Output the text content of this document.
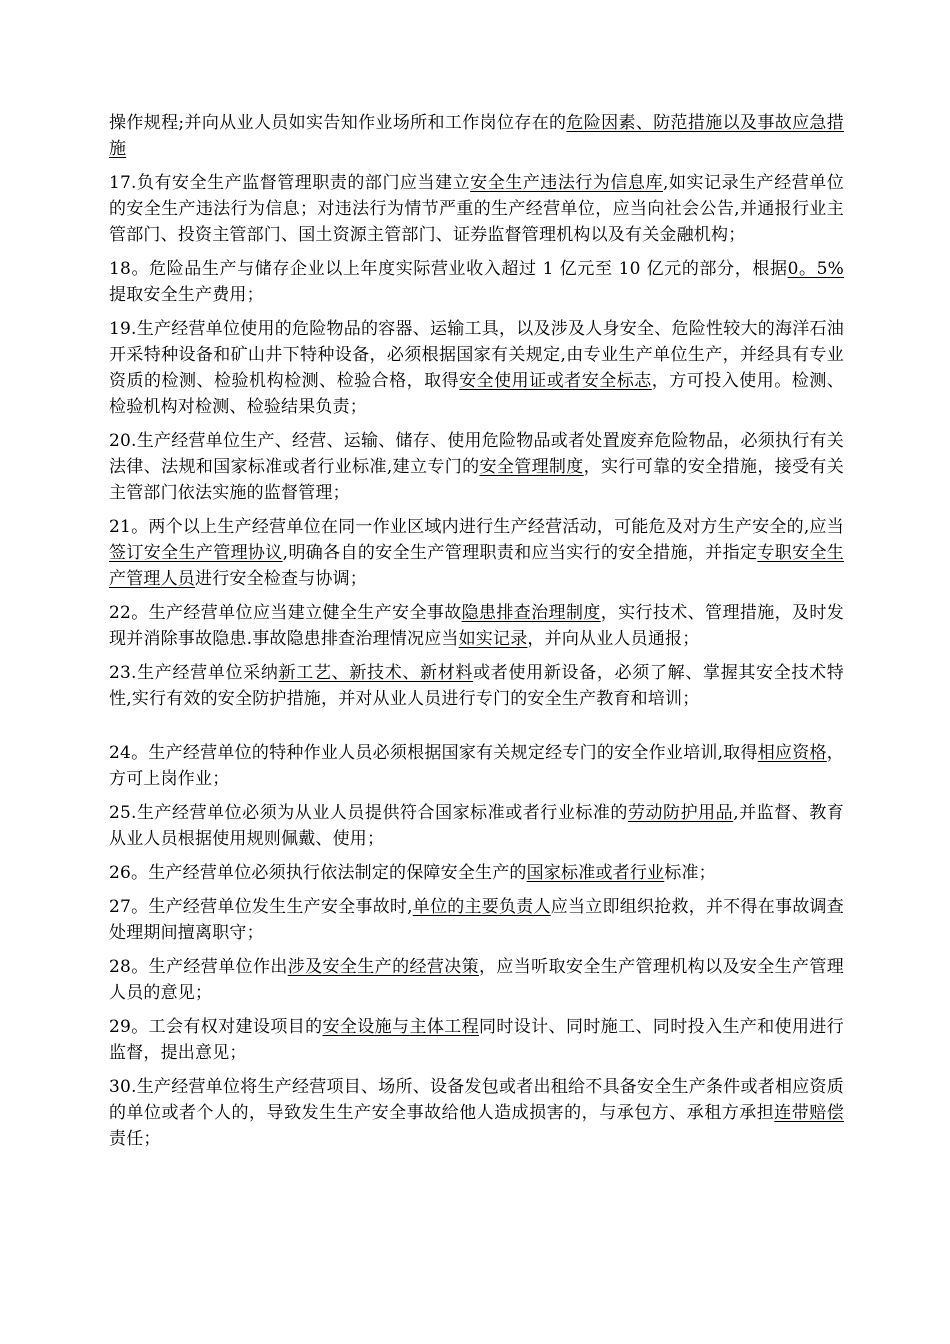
操作规程;并向从业人员如实告知作业场所和工作岗位存在的危险因素、防范措施以及事故应急措施

17.负有安全生产监督管理职责的部门应当建立安全生产违法行为信息库,如实记录生产经营单位的安全生产违法行为信息；对违法行为情节严重的生产经营单位，应当向社会公告,并通报行业主管部门、投资主管部门、国土资源主管部门、证券监督管理机构以及有关金融机构；

18。危险品生产与储存企业以上年度实际营业收入超过 1 亿元至 10 亿元的部分，根据0。5%提取安全生产费用；

19.生产经营单位使用的危险物品的容器、运输工具，以及涉及人身安全、危险性较大的海洋石油开采特种设备和矿山井下特种设备，必须根据国家有关规定,由专业生产单位生产，并经具有专业资质的检测、检验机构检测、检验合格，取得安全使用证或者安全标志，方可投入使用。检测、检验机构对检测、检验结果负责；

20.生产经营单位生产、经营、运输、储存、使用危险物品或者处置废弃危险物品，必须执行有关法律、法规和国家标准或者行业标准,建立专门的安全管理制度，实行可靠的安全措施，接受有关主管部门依法实施的监督管理；

21。两个以上生产经营单位在同一作业区域内进行生产经营活动，可能危及对方生产安全的,应当签订安全生产管理协议,明确各自的安全生产管理职责和应当实行的安全措施，并指定专职安全生产管理人员进行安全检查与协调；

22。生产经营单位应当建立健全生产安全事故隐患排查治理制度，实行技术、管理措施，及时发现并消除事故隐患.事故隐患排查治理情况应当如实记录，并向从业人员通报；

23.生产经营单位采纳新工艺、新技术、新材料或者使用新设备，必须了解、掌握其安全技术特性,实行有效的安全防护措施，并对从业人员进行专门的安全生产教育和培训；

24。生产经营单位的特种作业人员必须根据国家有关规定经专门的安全作业培训,取得相应资格，方可上岗作业；

25.生产经营单位必须为从业人员提供符合国家标准或者行业标准的劳动防护用品,并监督、教育从业人员根据使用规则佩戴、使用；

26。生产经营单位必须执行依法制定的保障安全生产的国家标准或者行业标准；

27。生产经营单位发生生产安全事故时,单位的主要负责人应当立即组织抢救，并不得在事故调查处理期间擅离职守；

28。生产经营单位作出涉及安全生产的经营决策，应当听取安全生产管理机构以及安全生产管理人员的意见；

29。工会有权对建设项目的安全设施与主体工程同时设计、同时施工、同时投入生产和使用进行监督，提出意见；

30.生产经营单位将生产经营项目、场所、设备发包或者出租给不具备安全生产条件或者相应资质的单位或者个人的，导致发生生产安全事故给他人造成损害的，与承包方、承租方承担连带赔偿责任；
